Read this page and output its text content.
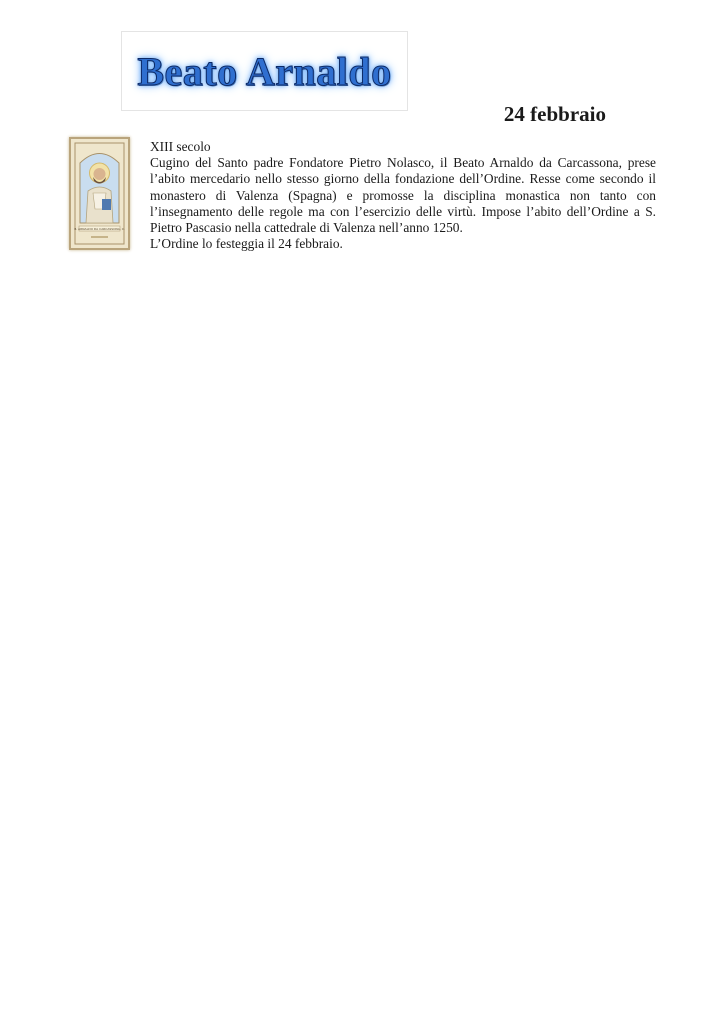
Beato Arnaldo
24 febbraio
B. ARNALDO DA CARCASSONA, C.

XIII secolo

Cugino del Santo padre Fondatore Pietro Nolasco, il Beato Arnaldo da Carcassona, prese l’abito mercedario nello stesso giorno della fondazione dell’Ordine. Resse come secondo il monastero di Valenza (Spagna) e promosse la disciplina monastica non tanto con l’insegnamento delle regole ma con l’esercizio delle virtù. Impose l’abito dell’Ordine a S. Pietro Pascasio nella cattedrale di Valenza nell’anno 1250.

L’Ordine lo festeggia il 24 febbraio.
